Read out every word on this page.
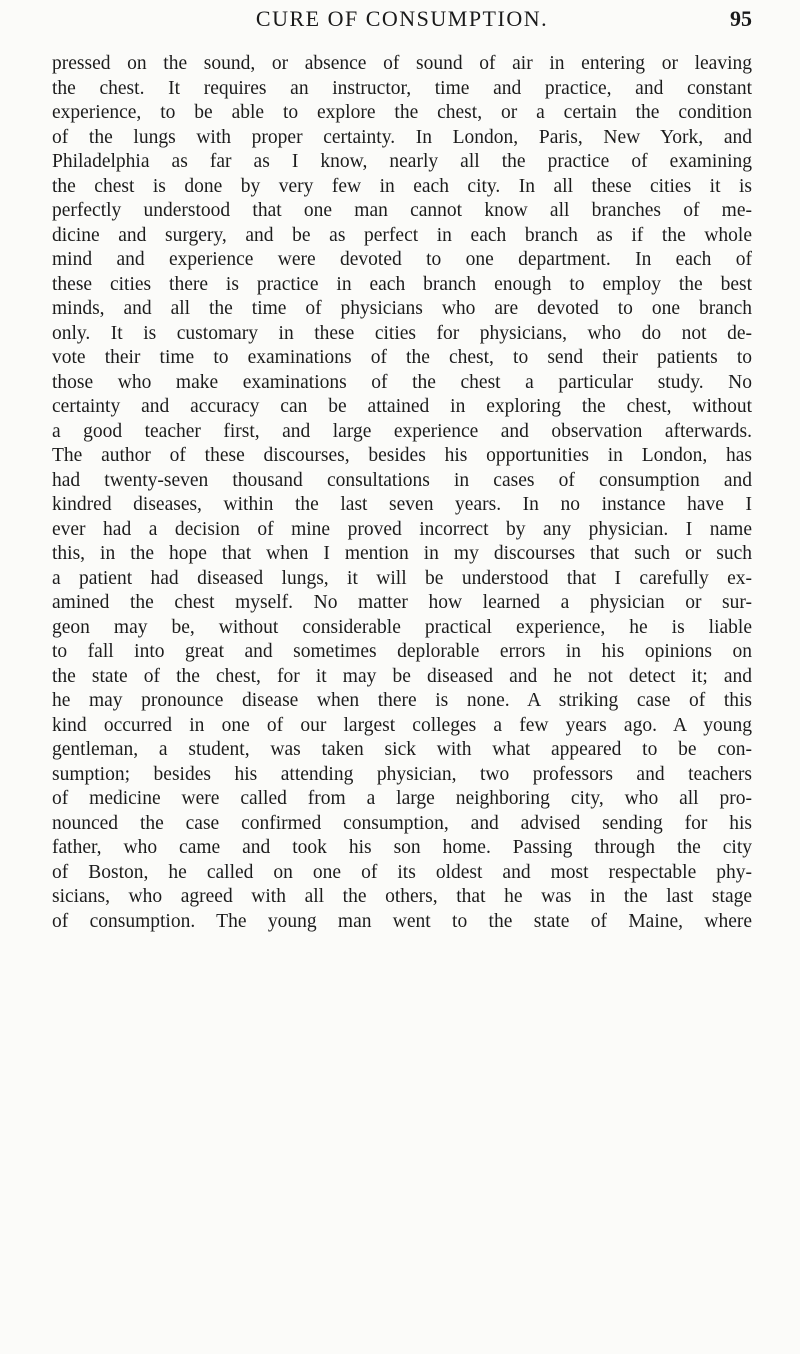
CURE OF CONSUMPTION.	95
pressed on the sound, or absence of sound of air in entering or leaving
the chest. It requires an instructor, time and practice, and constant
experience, to be able to explore the chest, or a certain the condition
of the lungs with proper certainty. In London, Paris, New York, and
Philadelphia as far as I know, nearly all the practice of examining
the chest is done by very few in each city. In all these cities it is
perfectly understood that one man cannot know all branches of me-
dicine and surgery, and be as perfect in each branch as if the whole
mind and experience were devoted to one department. In each of
these cities there is practice in each branch enough to employ the best
minds, and all the time of physicians who are devoted to one branch
only. It is customary in these cities for physicians, who do not de-
vote their time to examinations of the chest, to send their patients to
those who make examinations of the chest a particular study. No
certainty and accuracy can be attained in exploring the chest, without
a good teacher first, and large experience and observation afterwards.
The author of these discourses, besides his opportunities in London, has
had twenty-seven thousand consultations in cases of consumption and
kindred diseases, within the last seven years. In no instance have I
ever had a decision of mine proved incorrect by any physician. I name
this, in the hope that when I mention in my discourses that such or such
a patient had diseased lungs, it will be understood that I carefully ex-
amined the chest myself. No matter how learned a physician or sur-
geon may be, without considerable practical experience, he is liable
to fall into great and sometimes deplorable errors in his opinions on
the state of the chest, for it may be diseased and he not detect it; and
he may pronounce disease when there is none. A striking case of this
kind occurred in one of our largest colleges a few years ago. A young
gentleman, a student, was taken sick with what appeared to be con-
sumption; besides his attending physician, two professors and teachers
of medicine were called from a large neighboring city, who all pro-
nounced the case confirmed consumption, and advised sending for his
father, who came and took his son home. Passing through the city
of Boston, he called on one of its oldest and most respectable phy-
sicians, who agreed with all the others, that he was in the last stage
of consumption. The young man went to the state of Maine, where
